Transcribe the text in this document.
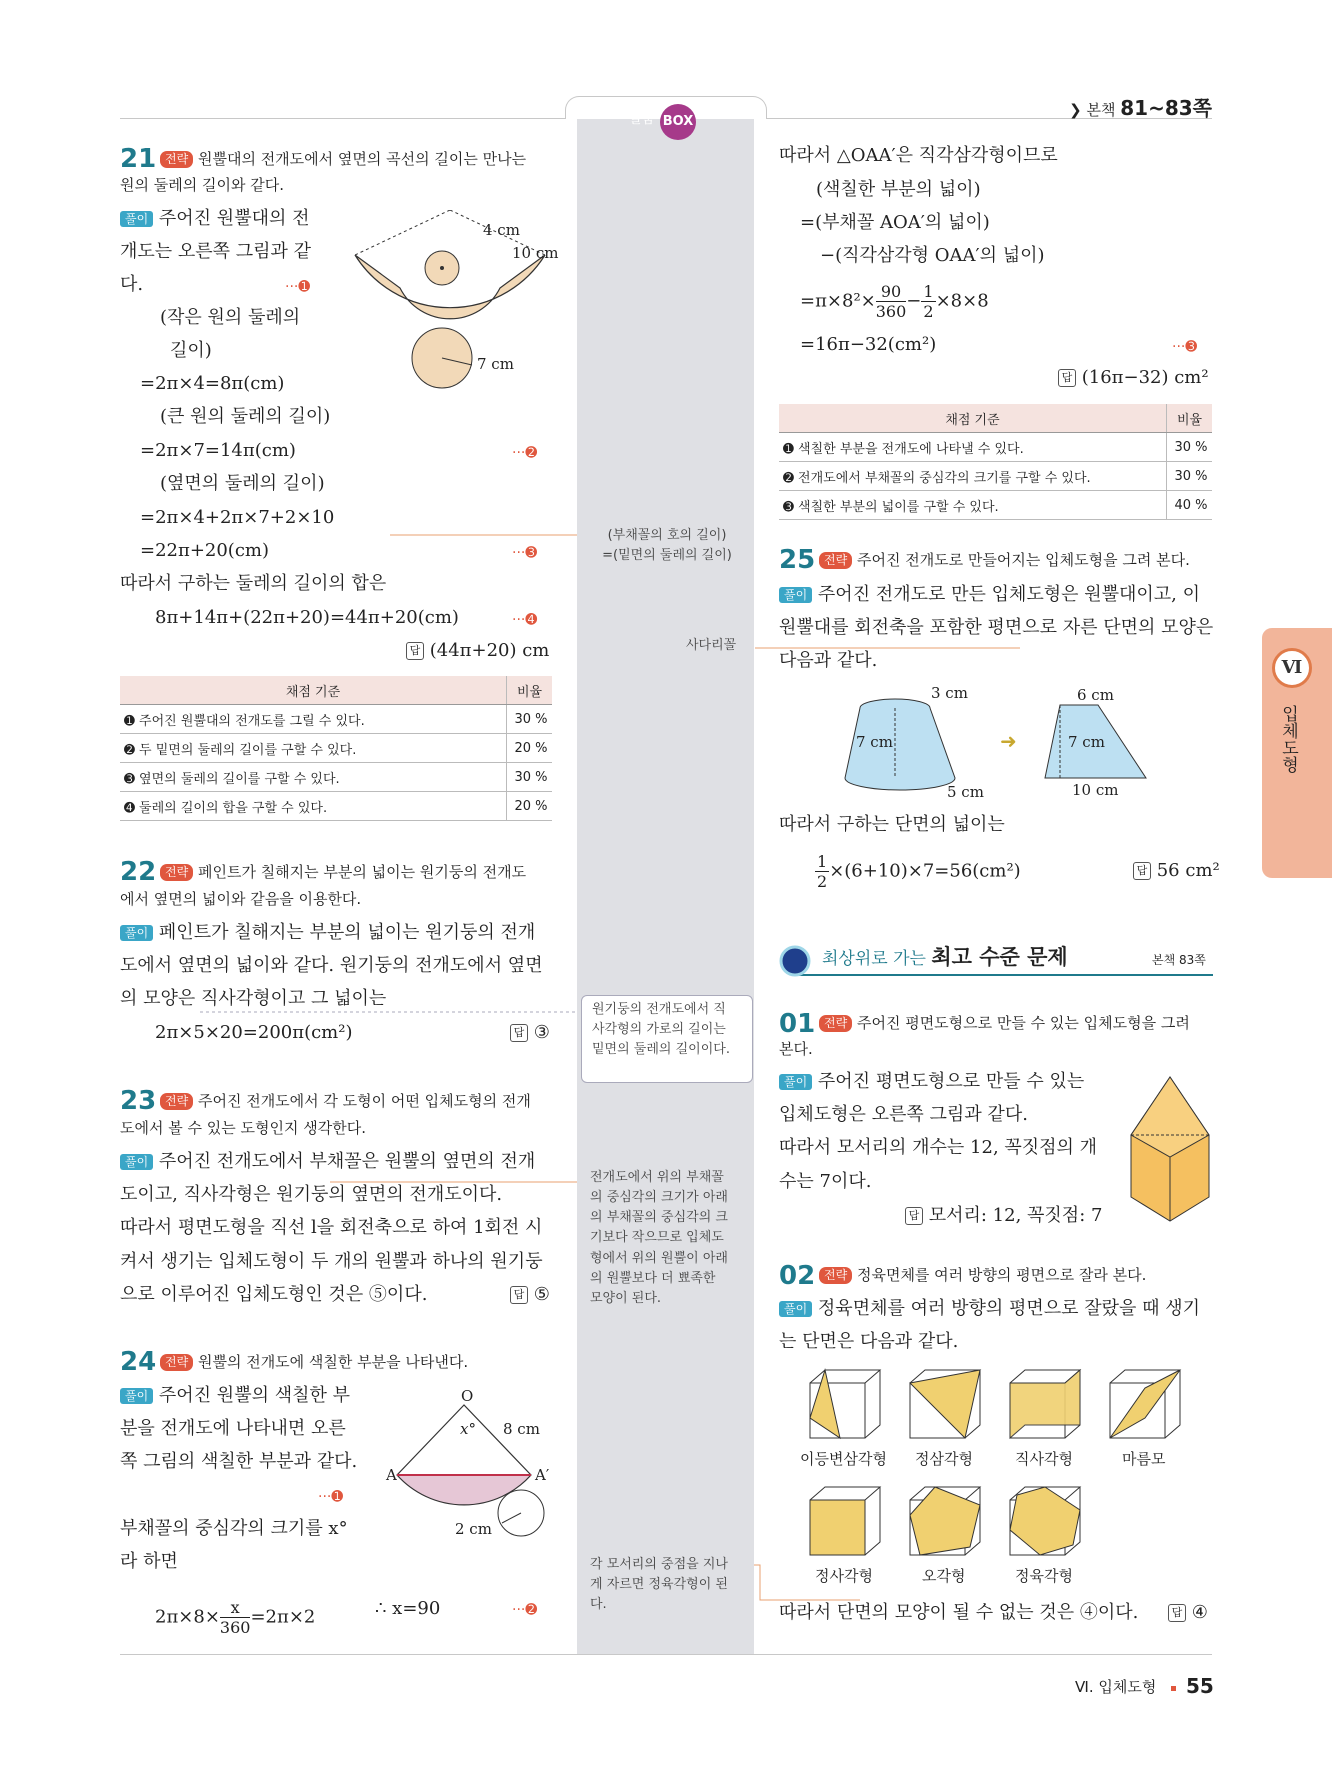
일품 BOX
❯ 본책 81~83쪽
Ⅵ
입체도형
21 전략 원뿔대의 전개도에서 옆면의 곡선의 길이는 만나는
원의 둘레의 길이와 같다.
풀이 주어진 원뿔대의 전
개도는 오른쪽 그림과 같
다.	···➊
(작은 원의 둘레의
길이)
=2π×4=8π(cm)
(큰 원의 둘레의 길이)
=2π×7=14π(cm)	···➋
(옆면의 둘레의 길이)
=2π×4+2π×7+2×10
=22π+20(cm)	···➌
따라서 구하는 둘레의 길이의 합은
8π+14π+(22π+20)=44π+20(cm)	···➍
답 (44π+20) cm
4 cm
10 cm
7 cm
채점 기준	비율
➊ 주어진 원뿔대의 전개도를 그릴 수 있다.	30 %
➋ 두 밑면의 둘레의 길이를 구할 수 있다.	20 %
➌ 옆면의 둘레의 길이를 구할 수 있다.	30 %
➍ 둘레의 길이의 합을 구할 수 있다.	20 %
22 전략 페인트가 칠해지는 부분의 넓이는 원기둥의 전개도
에서 옆면의 넓이와 같음을 이용한다.
풀이 페인트가 칠해지는 부분의 넓이는 원기둥의 전개
도에서 옆면의 넓이와 같다. 원기둥의 전개도에서 옆면
의 모양은 직사각형이고 그 넓이는
2π×5×20=200π(cm²)	답 ③
23 전략 주어진 전개도에서 각 도형이 어떤 입체도형의 전개
도에서 볼 수 있는 도형인지 생각한다.
풀이 주어진 전개도에서 부채꼴은 원뿔의 옆면의 전개
도이고, 직사각형은 원기둥의 옆면의 전개도이다.
따라서 평면도형을 직선 l을 회전축으로 하여 1회전 시
켜서 생기는 입체도형이 두 개의 원뿔과 하나의 원기둥
으로 이루어진 입체도형인 것은 ⑤이다.	답 ⑤
24 전략 원뿔의 전개도에 색칠한 부분을 나타낸다.
풀이 주어진 원뿔의 색칠한 부
분을 전개도에 나타내면 오른
쪽 그림의 색칠한 부분과 같다.
···➊
부채꼴의 중심각의 크기를 x°
라 하면
$2\pi\times 8\times \frac{x}{360} =2\pi\times 2$	∴ x=90	···➋
O
x° 8 cm
A	A′
2 cm
(부채꼴의 호의 길이)
=(밑면의 둘레의 길이)
사다리꼴
원기둥의 전개도에서 직
사각형의 가로의 길이는
밑면의 둘레의 길이이다.
전개도에서 위의 부채꼴
의 중심각의 크기가 아래
의 부채꼴의 중심각의 크
기보다 작으므로 입체도
형에서 위의 원뿔이 아래
의 원뿔보다 더 뾰족한
모양이 된다.
각 모서리의 중점을 지나
게 자르면 정육각형이 된
다.
따라서 △OAA′은 직각삼각형이므로
(색칠한 부분의 넓이)
=(부채꼴 AOA′의 넓이)
−(직각삼각형 OAA′의 넓이)
$=\pi\times 8^2\times \frac{90}{360} - \frac{1}{2} \times 8\times 8$
=16π−32(cm²)	···➌
답 (16π−32) cm²
채점 기준	비율
➊ 색칠한 부분을 전개도에 나타낼 수 있다.	30 %
➋ 전개도에서 부채꼴의 중심각의 크기를 구할 수 있다.	30 %
➌ 색칠한 부분의 넓이를 구할 수 있다.	40 %
25 전략 주어진 전개도로 만들어지는 입체도형을 그려 본다.
풀이 주어진 전개도로 만든 입체도형은 원뿔대이고, 이
원뿔대를 회전축을 포함한 평면으로 자른 단면의 모양은
다음과 같다.
➜
3 cm
7 cm
5 cm
6 cm
7 cm
10 cm
따라서 구하는 단면의 넓이는
$\frac{1}{2} \times(6+10)\times 7=56(cm^2)$	답 56 cm²
최상위로 가는 최고 수준 문제	본책 83쪽
01 전략 주어진 평면도형으로 만들 수 있는 입체도형을 그려
본다.
풀이 주어진 평면도형으로 만들 수 있는
입체도형은 오른쪽 그림과 같다.
따라서 모서리의 개수는 12, 꼭짓점의 개
수는 7이다.
답 모서리: 12, 꼭짓점: 7
02 전략 정육면체를 여러 방향의 평면으로 잘라 본다.
풀이 정육면체를 여러 방향의 평면으로 잘랐을 때 생기
는 단면은 다음과 같다.
이등변삼각형 정삼각형	직사각형	마름모
정사각형	오각형	정육각형
따라서 단면의 모양이 될 수 없는 것은 ④이다.	답 ④
Ⅵ. 입체도형 55
